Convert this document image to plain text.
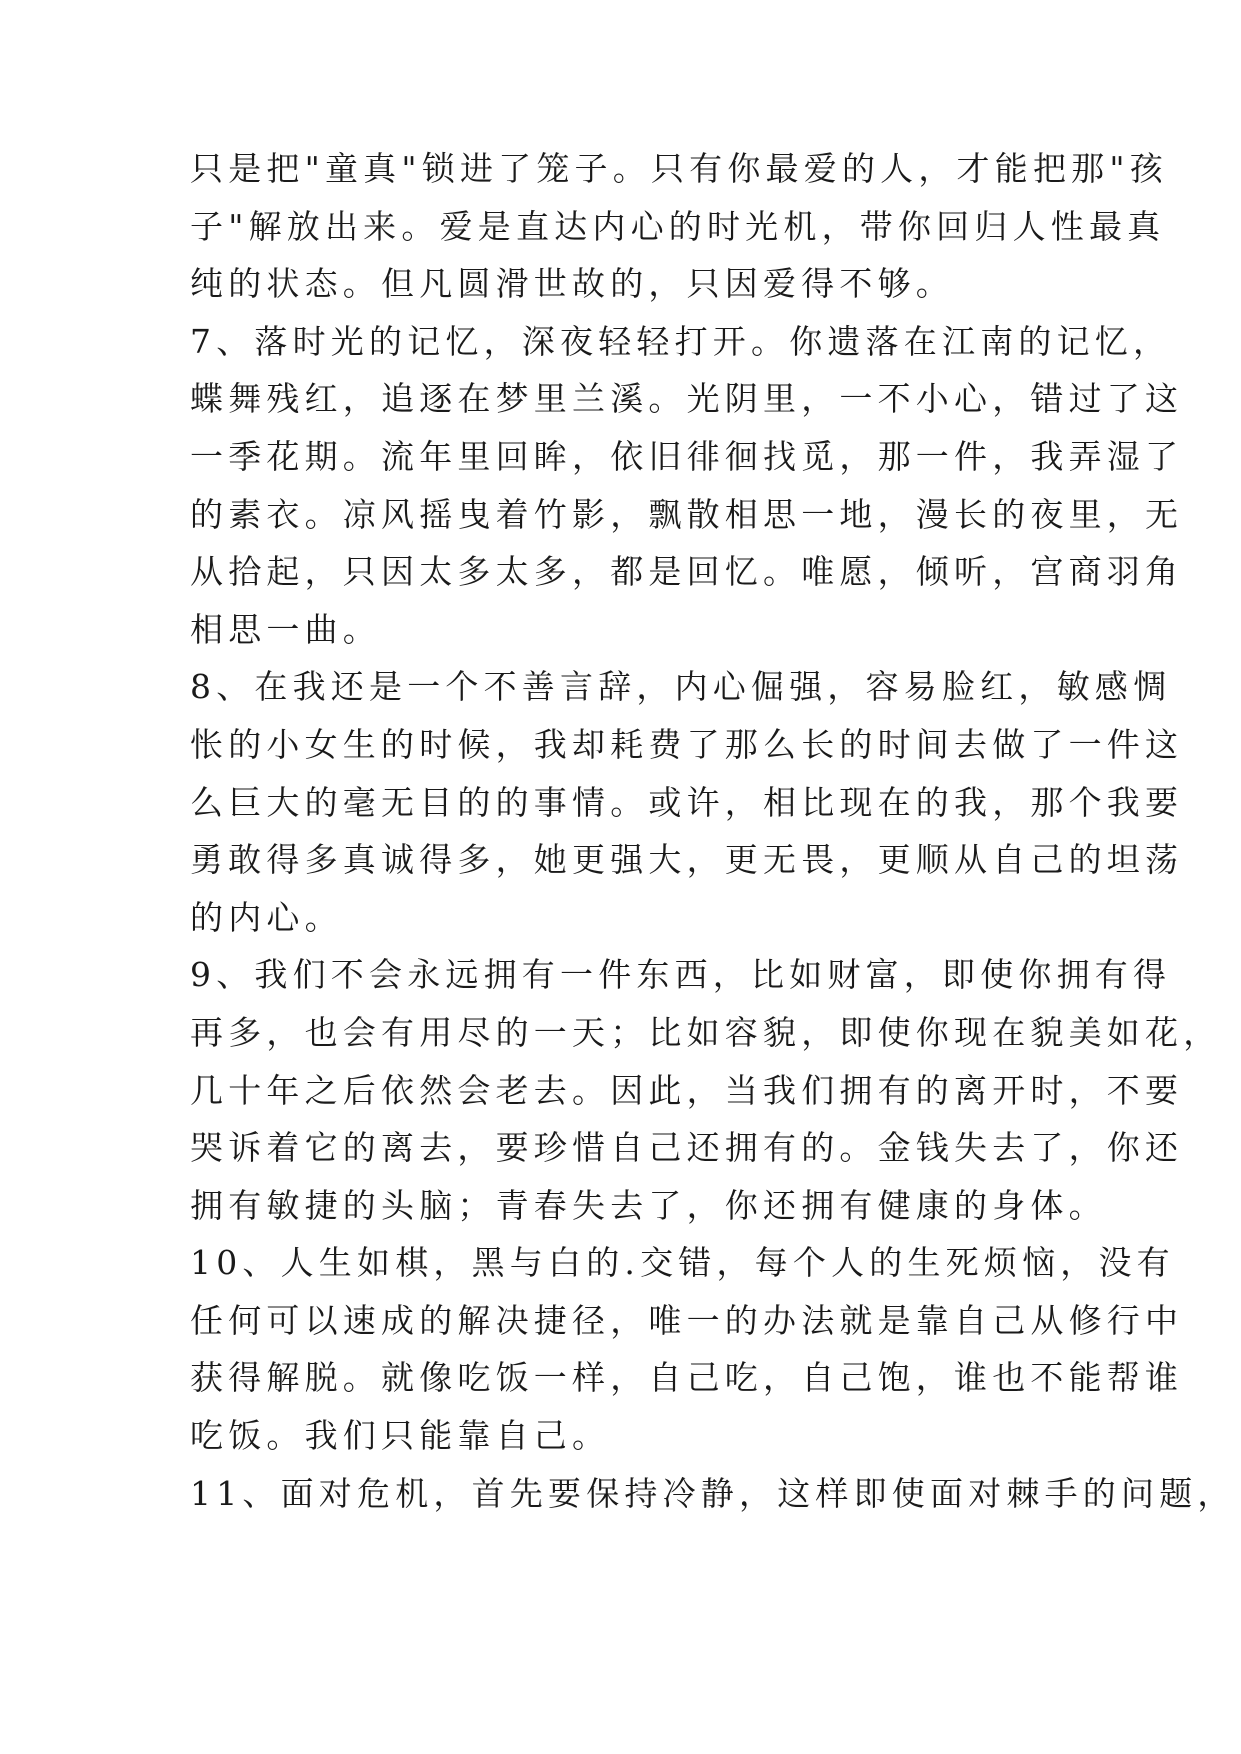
只是把"童真"锁进了笼子。只有你最爱的人，才能把那"孩
子"解放出来。爱是直达内心的时光机，带你回归人性最真
纯的状态。但凡圆滑世故的，只因爱得不够。
7、落时光的记忆，深夜轻轻打开。你遗落在江南的记忆，
蝶舞残红，追逐在梦里兰溪。光阴里，一不小心，错过了这
一季花期。流年里回眸，依旧徘徊找觅，那一件，我弄湿了
的素衣。凉风摇曳着竹影，飘散相思一地，漫长的夜里，无
从拾起，只因太多太多，都是回忆。唯愿，倾听，宫商羽角
相思一曲。
8、在我还是一个不善言辞，内心倔强，容易脸红，敏感惆
怅的小女生的时候，我却耗费了那么长的时间去做了一件这
么巨大的毫无目的的事情。或许，相比现在的我，那个我要
勇敢得多真诚得多，她更强大，更无畏，更顺从自己的坦荡
的内心。
9、我们不会永远拥有一件东西，比如财富，即使你拥有得
再多，也会有用尽的一天；比如容貌，即使你现在貌美如花，
几十年之后依然会老去。因此，当我们拥有的离开时，不要
哭诉着它的离去，要珍惜自己还拥有的。金钱失去了，你还
拥有敏捷的头脑；青春失去了，你还拥有健康的身体。
10、人生如棋，黑与白的.交错，每个人的生死烦恼，没有
任何可以速成的解决捷径，唯一的办法就是靠自己从修行中
获得解脱。就像吃饭一样，自己吃，自己饱，谁也不能帮谁
吃饭。我们只能靠自己。
11、面对危机，首先要保持冷静，这样即使面对棘手的问题，
